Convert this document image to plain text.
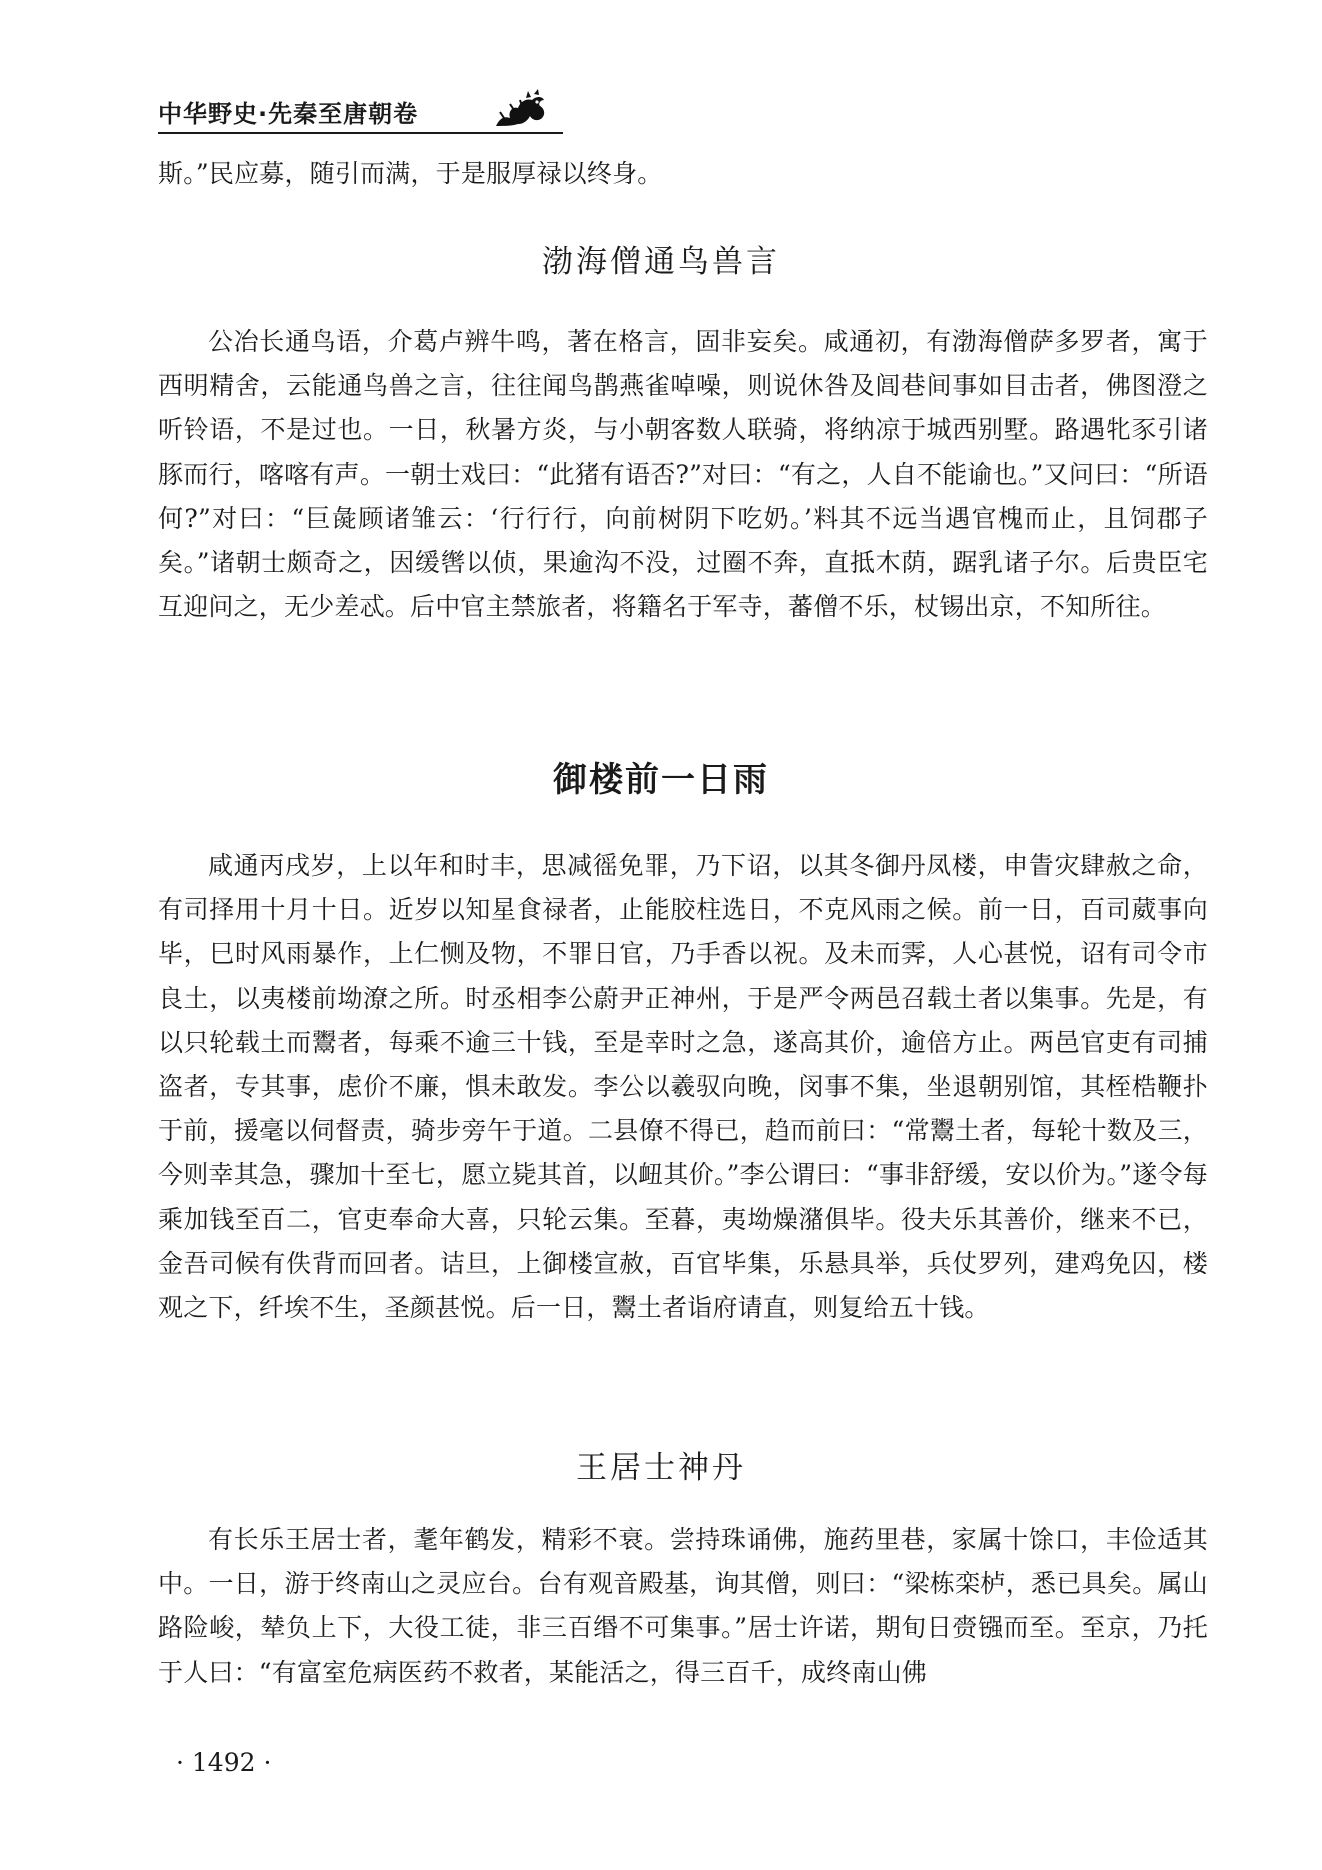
中华野史·先秦至唐朝卷

斯。”民应募，随引而满，于是服厚禄以终身。

渤海僧通鸟兽言

公冶长通鸟语，介葛卢辨牛鸣，著在格言，固非妄矣。咸通初，有渤海僧萨多罗者，寓于西明精舍，云能通鸟兽之言，往往闻鸟鹊燕雀啅噪，则说休咎及闾巷间事如目击者，佛图澄之听铃语，不是过也。一日，秋暑方炎，与小朝客数人联骑，将纳凉于城西别墅。路遇牝豕引诸豚而行，喀喀有声。一朝士戏曰：“此猪有语否?”对曰：“有之，人自不能谕也。”又问曰：“所语何?”对曰：“巨彘顾诸雏云：‘行行行，向前树阴下吃奶。’料其不远当遇官槐而止，且饲郡子矣。”诸朝士颇奇之，因缓辔以侦，果逾沟不没，过圈不奔，直抵木荫，踞乳诸子尔。后贵臣宅互迎问之，无少差忒。后中官主禁旅者，将籍名于军寺，蕃僧不乐，杖锡出京，不知所往。

御楼前一日雨

咸通丙戌岁，上以年和时丰，思减徭免罪，乃下诏，以其冬御丹凤楼，申眚灾肆赦之命，有司择用十月十日。近岁以知星食禄者，止能胶柱选日，不克风雨之候。前一日，百司葳事向毕，巳时风雨暴作，上仁恻及物，不罪日官，乃手香以祝。及未而霁，人心甚悦，诏有司令市良土，以夷楼前坳潦之所。时丞相李公蔚尹正神州，于是严令两邑召载土者以集事。先是，有以只轮载土而鬻者，每乘不逾三十钱，至是幸时之急，遂高其价，逾倍方止。两邑官吏有司捕盗者，专其事，虑价不廉，惧未敢发。李公以羲驭向晚，闵事不集，坐退朝别馆，其桎梏鞭扑于前，援毫以伺督责，骑步旁午于道。二县僚不得已，趋而前曰：“常鬻土者，每轮十数及三，今则幸其急，骤加十至七，愿立毙其首，以衄其价。”李公谓曰：“事非舒缓，安以价为。”遂令每乘加钱至百二，官吏奉命大喜，只轮云集。至暮，夷坳燥潴俱毕。役夫乐其善价，继来不已，金吾司候有佚背而回者。诘旦，上御楼宣赦，百官毕集，乐悬具举，兵仗罗列，建鸡免囚，楼观之下，纤埃不生，圣颜甚悦。后一日，鬻土者诣府请直，则复给五十钱。

王居士神丹

有长乐王居士者，耄年鹤发，精彩不衰。尝持珠诵佛，施药里巷，家属十馀口，丰俭适其中。一日，游于终南山之灵应台。台有观音殿基，询其僧，则曰：“梁栋栾栌，悉已具矣。属山路险峻，辇负上下，大役工徒，非三百缗不可集事。”居士许诺，期旬日赍镪而至。至京，乃托于人曰：“有富室危病医药不救者，某能活之，得三百千，成终南山佛

· 1492 ·
